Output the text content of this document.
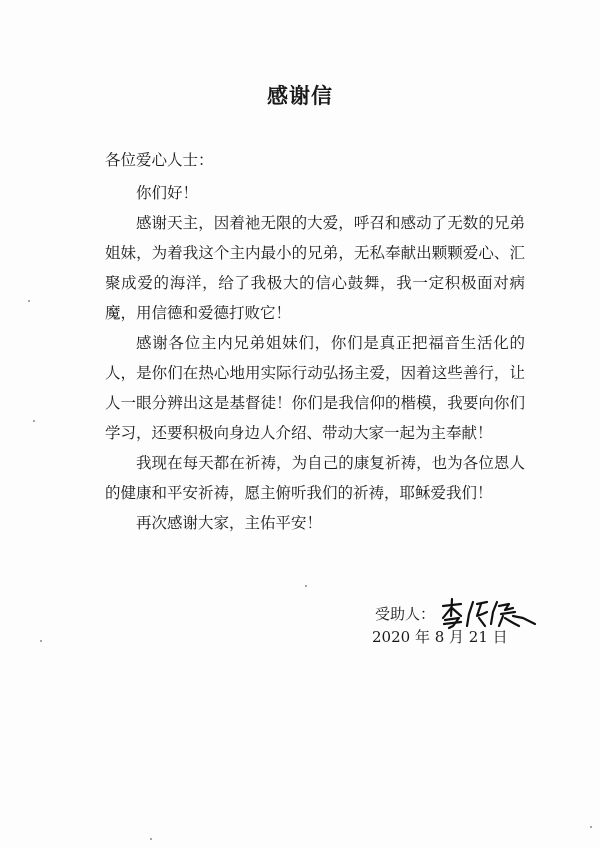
感谢信
各位爱心人士：

你们好！

感谢天主，因着祂无限的大爱，呼召和感动了无数的兄弟姐妹，为着我这个主内最小的兄弟，无私奉献出颗颗爱心、汇聚成爱的海洋，给了我极大的信心鼓舞，我一定积极面对病魔，用信德和爱德打败它！

感谢各位主内兄弟姐妹们，你们是真正把福音生活化的人，是你们在热心地用实际行动弘扬主爱，因着这些善行，让人一眼分辨出这是基督徒！你们是我信仰的楷模，我要向你们学习，还要积极向身边人介绍、带动大家一起为主奉献！

我现在每天都在祈祷，为自己的康复祈祷，也为各位恩人的健康和平安祈祷，愿主俯听我们的祈祷，耶稣爱我们！

再次感谢大家，主佑平安！

受助人：
2020 年 8 月 21 日
